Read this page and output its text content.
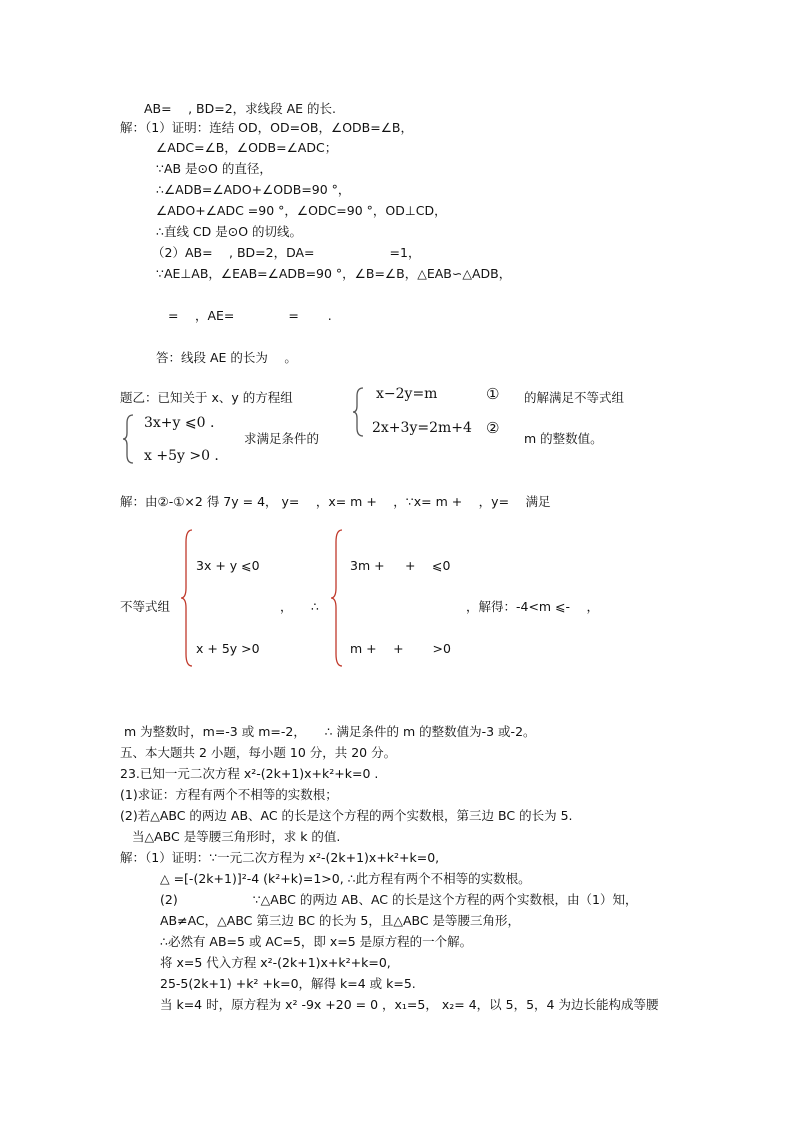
AB=　 , BD=2，求线段 AE 的长.
解：（1）证明：连结 OD，OD=OB，∠ODB=∠B，
∠ADC=∠B，∠ODB=∠ADC；
∵AB 是⊙O 的直径，
∴∠ADB=∠ADO+∠ODB=90 °，
∠ADO+∠ADC =90 °，∠ODC=90 °，OD⊥CD，
∴直线 CD 是⊙O 的切线。
（2）AB=　 , BD=2，DA=　　　　　　=1，
∵AE⊥AB，∠EAB=∠ADB=90 °，∠B=∠B，△EAB∽△ADB，
=　 ，AE=　　　　 =　　 .
答：线段 AE 的长为　 。
题乙：已知关于 x、y 的方程组	x−2y=m	① 的解满足不等式组
2x+3y=2m+4 ②
3x+y ⩽0 .
求满足条件的	m 的整数值。
x +5y >0 .
解：由②-①×2 得 7y = 4， y=　 ，x= m + 　，∵x= m + 　，y=　 满足
3x + y ⩽0
x + 5y >0
不等式组	， ∴
3m + 　 + 　⩽0
m + 　+ 　　>0
，解得：-4<m ⩽-　 ，
m 为整数时，m=-3 或 m=-2，　　∴ 满足条件的 m 的整数值为-3 或-2。
五、本大题共 2 小题，每小题 10 分，共 20 分。
23.已知一元二次方程 x²-(2k+1)x+k²+k=0 .
(1)求证：方程有两个不相等的实数根；
(2)若△ABC 的两边 AB、AC 的长是这个方程的两个实数根，第三边 BC 的长为 5.
当△ABC 是等腰三角形时，求 k 的值.
解：（1）证明：∵一元二次方程为 x²-(2k+1)x+k²+k=0,
△ =[-(2k+1)]²-4 (k²+k)=1>0, ∴此方程有两个不相等的实数根。
(2)　　　　　　∵△ABC 的两边 AB、AC 的长是这个方程的两个实数根，由（1）知，
AB≠AC，△ABC 第三边 BC 的长为 5，且△ABC 是等腰三角形，
∴必然有 AB=5 或 AC=5，即 x=5 是原方程的一个解。
将 x=5 代入方程 x²-(2k+1)x+k²+k=0,
25-5(2k+1) +k² +k=0，解得 k=4 或 k=5.
当 k=4 时，原方程为 x² -9x +20 = 0 ，x₁=5， x₂= 4，以 5，5，4 为边长能构成等腰
